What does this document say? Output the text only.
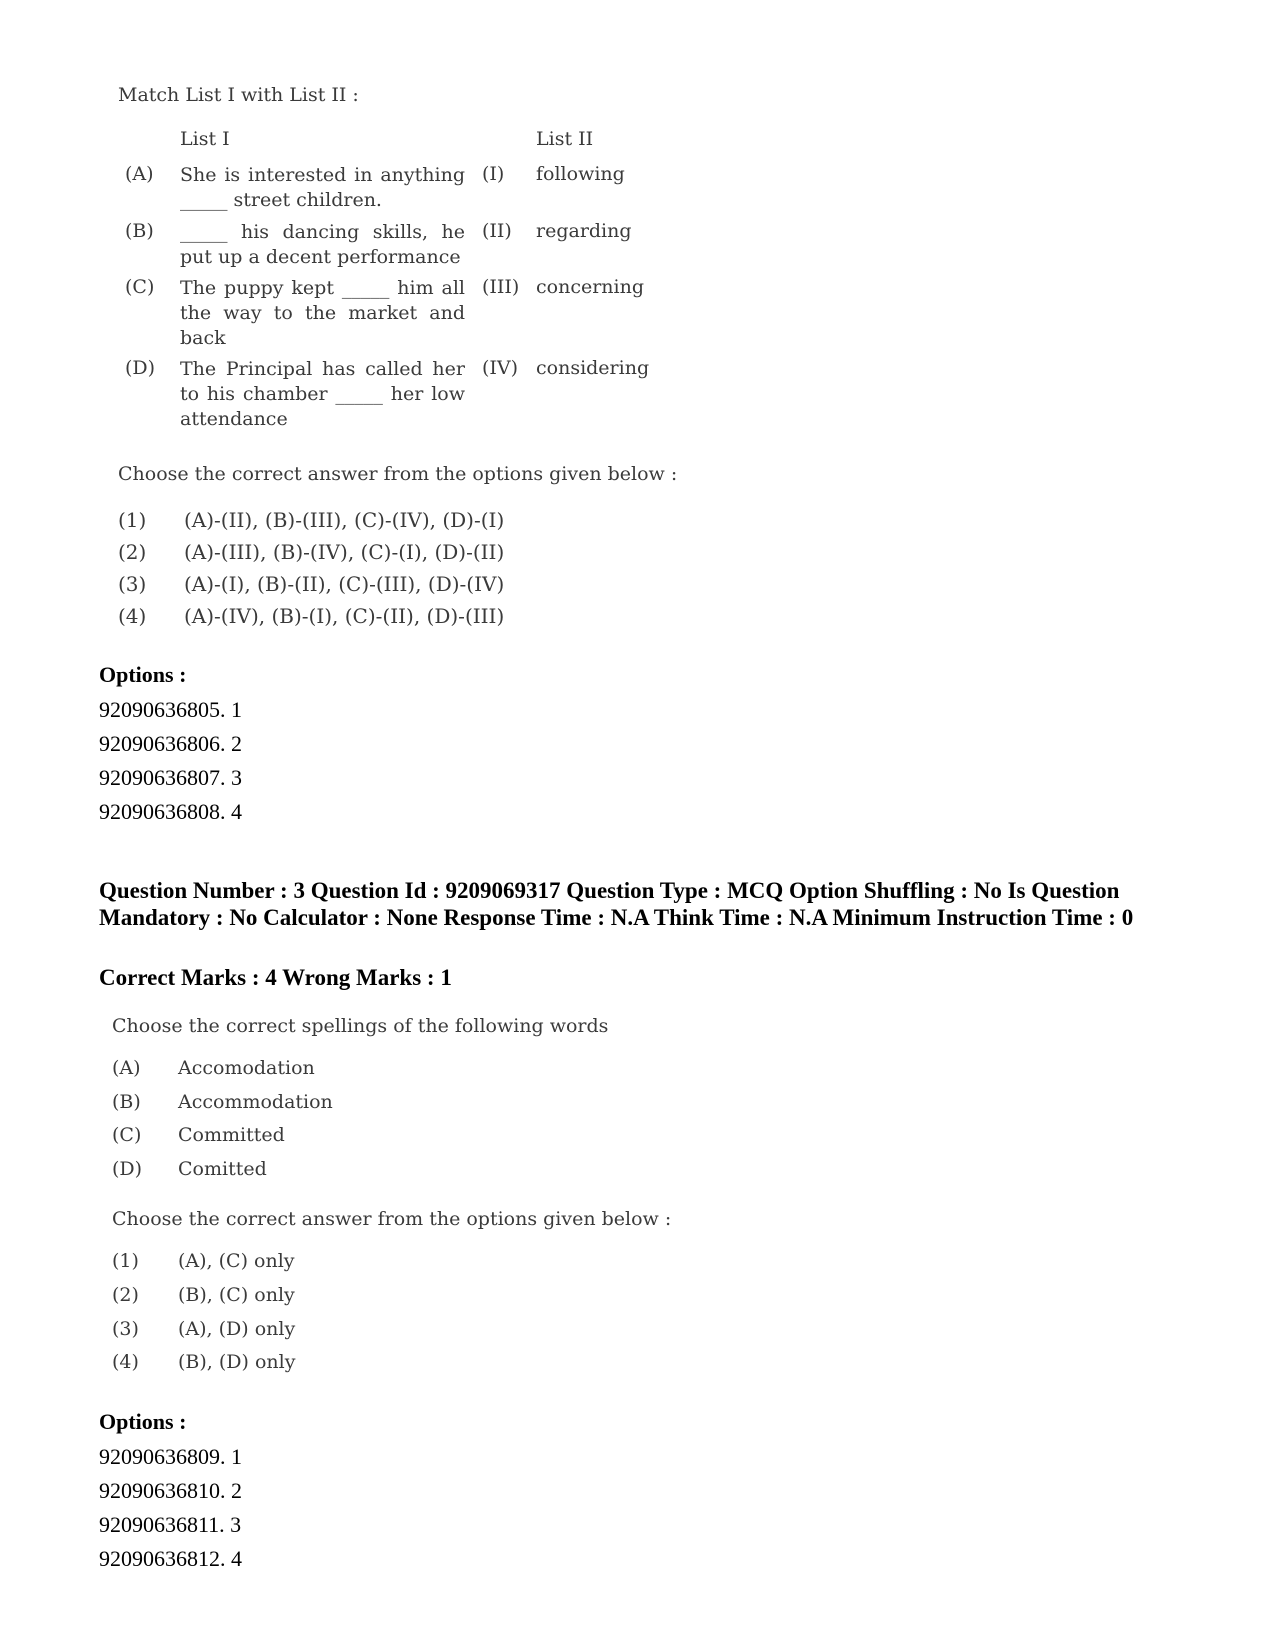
Match List I with List II :
List I	List II
(A) She is interested in anything _____ street children.
(I) following
(B) _____ his dancing skills, he put up a decent performance
(II) regarding
(C) The puppy kept _____ him all the way to the market and back
(III) concerning
(D) The Principal has called her to his chamber _____ her low attendance
(IV) considering
Choose the correct answer from the options given below :
(1) (A)-(II), (B)-(III), (C)-(IV), (D)-(I)
(2) (A)-(III), (B)-(IV), (C)-(I), (D)-(II)
(3) (A)-(I), (B)-(II), (C)-(III), (D)-(IV)
(4) (A)-(IV), (B)-(I), (C)-(II), (D)-(III)
Options :
92090636805. 1
92090636806. 2
92090636807. 3
92090636808. 4
Question Number : 3 Question Id : 9209069317 Question Type : MCQ Option Shuffling : No Is Question Mandatory : No Calculator : None Response Time : N.A Think Time : N.A Minimum Instruction Time : 0
Correct Marks : 4 Wrong Marks : 1
Choose the correct spellings of the following words
(A) Accomodation
(B) Accommodation
(C) Committed
(D) Comitted
Choose the correct answer from the options given below :
(1) (A), (C) only
(2) (B), (C) only
(3) (A), (D) only
(4) (B), (D) only
Options :
92090636809. 1
92090636810. 2
92090636811. 3
92090636812. 4
